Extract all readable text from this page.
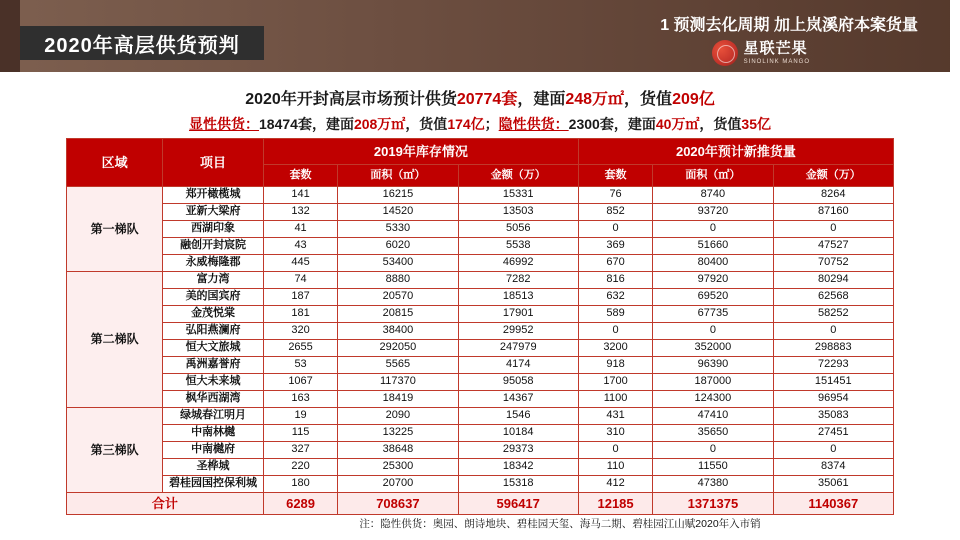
2020年高层供货预判
1 预测去化周期 加上岚溪府本案货量
星联芒果
SINOLINK MANGO
2020年开封高层市场预计供货20774套，建面248万㎡，货值209亿
显性供货：18474套，建面208万㎡，货值174亿；隐性供货：2300套，建面40万㎡，货值35亿
区域	项目	2019年库存情况			2020年预计新推货量		
		套数	面积（㎡）	金额（万）	套数	面积（㎡）	金额（万）
第一梯队	郑开橄榄城	141	16215	15331	76	8740	8264
	亚新大梁府	132	14520	13503	852	93720	87160
	西湖印象	41	5330	5056	0	0	0
	融创开封宸院	43	6020	5538	369	51660	47527
	永威梅隆郡	445	53400	46992	670	80400	70752
第二梯队	富力湾	74	8880	7282	816	97920	80294
	美的国宾府	187	20570	18513	632	69520	62568
	金茂悦棠	181	20815	17901	589	67735	58252
	弘阳燕澜府	320	38400	29952	0	0	0
	恒大文旅城	2655	292050	247979	3200	352000	298883
	禹洲嘉誉府	53	5565	4174	918	96390	72293
	恒大未来城	1067	117370	95058	1700	187000	151451
	枫华西湖湾	163	18419	14367	1100	124300	96954
第三梯队	绿城春江明月	19	2090	1546	431	47410	35083
	中南林樾	115	13225	10184	310	35650	27451
	中南樾府	327	38648	29373	0	0	0
	圣桦城	220	25300	18342	110	11550	8374
	碧桂园国控保利城	180	20700	15318	412	47380	35061
合计		6289	708637	596417	12185	1371375	1140367
注：隐性供货：奥园、朗诗地块、碧桂园天玺、海马二期、碧桂园江山赋2020年入市销
